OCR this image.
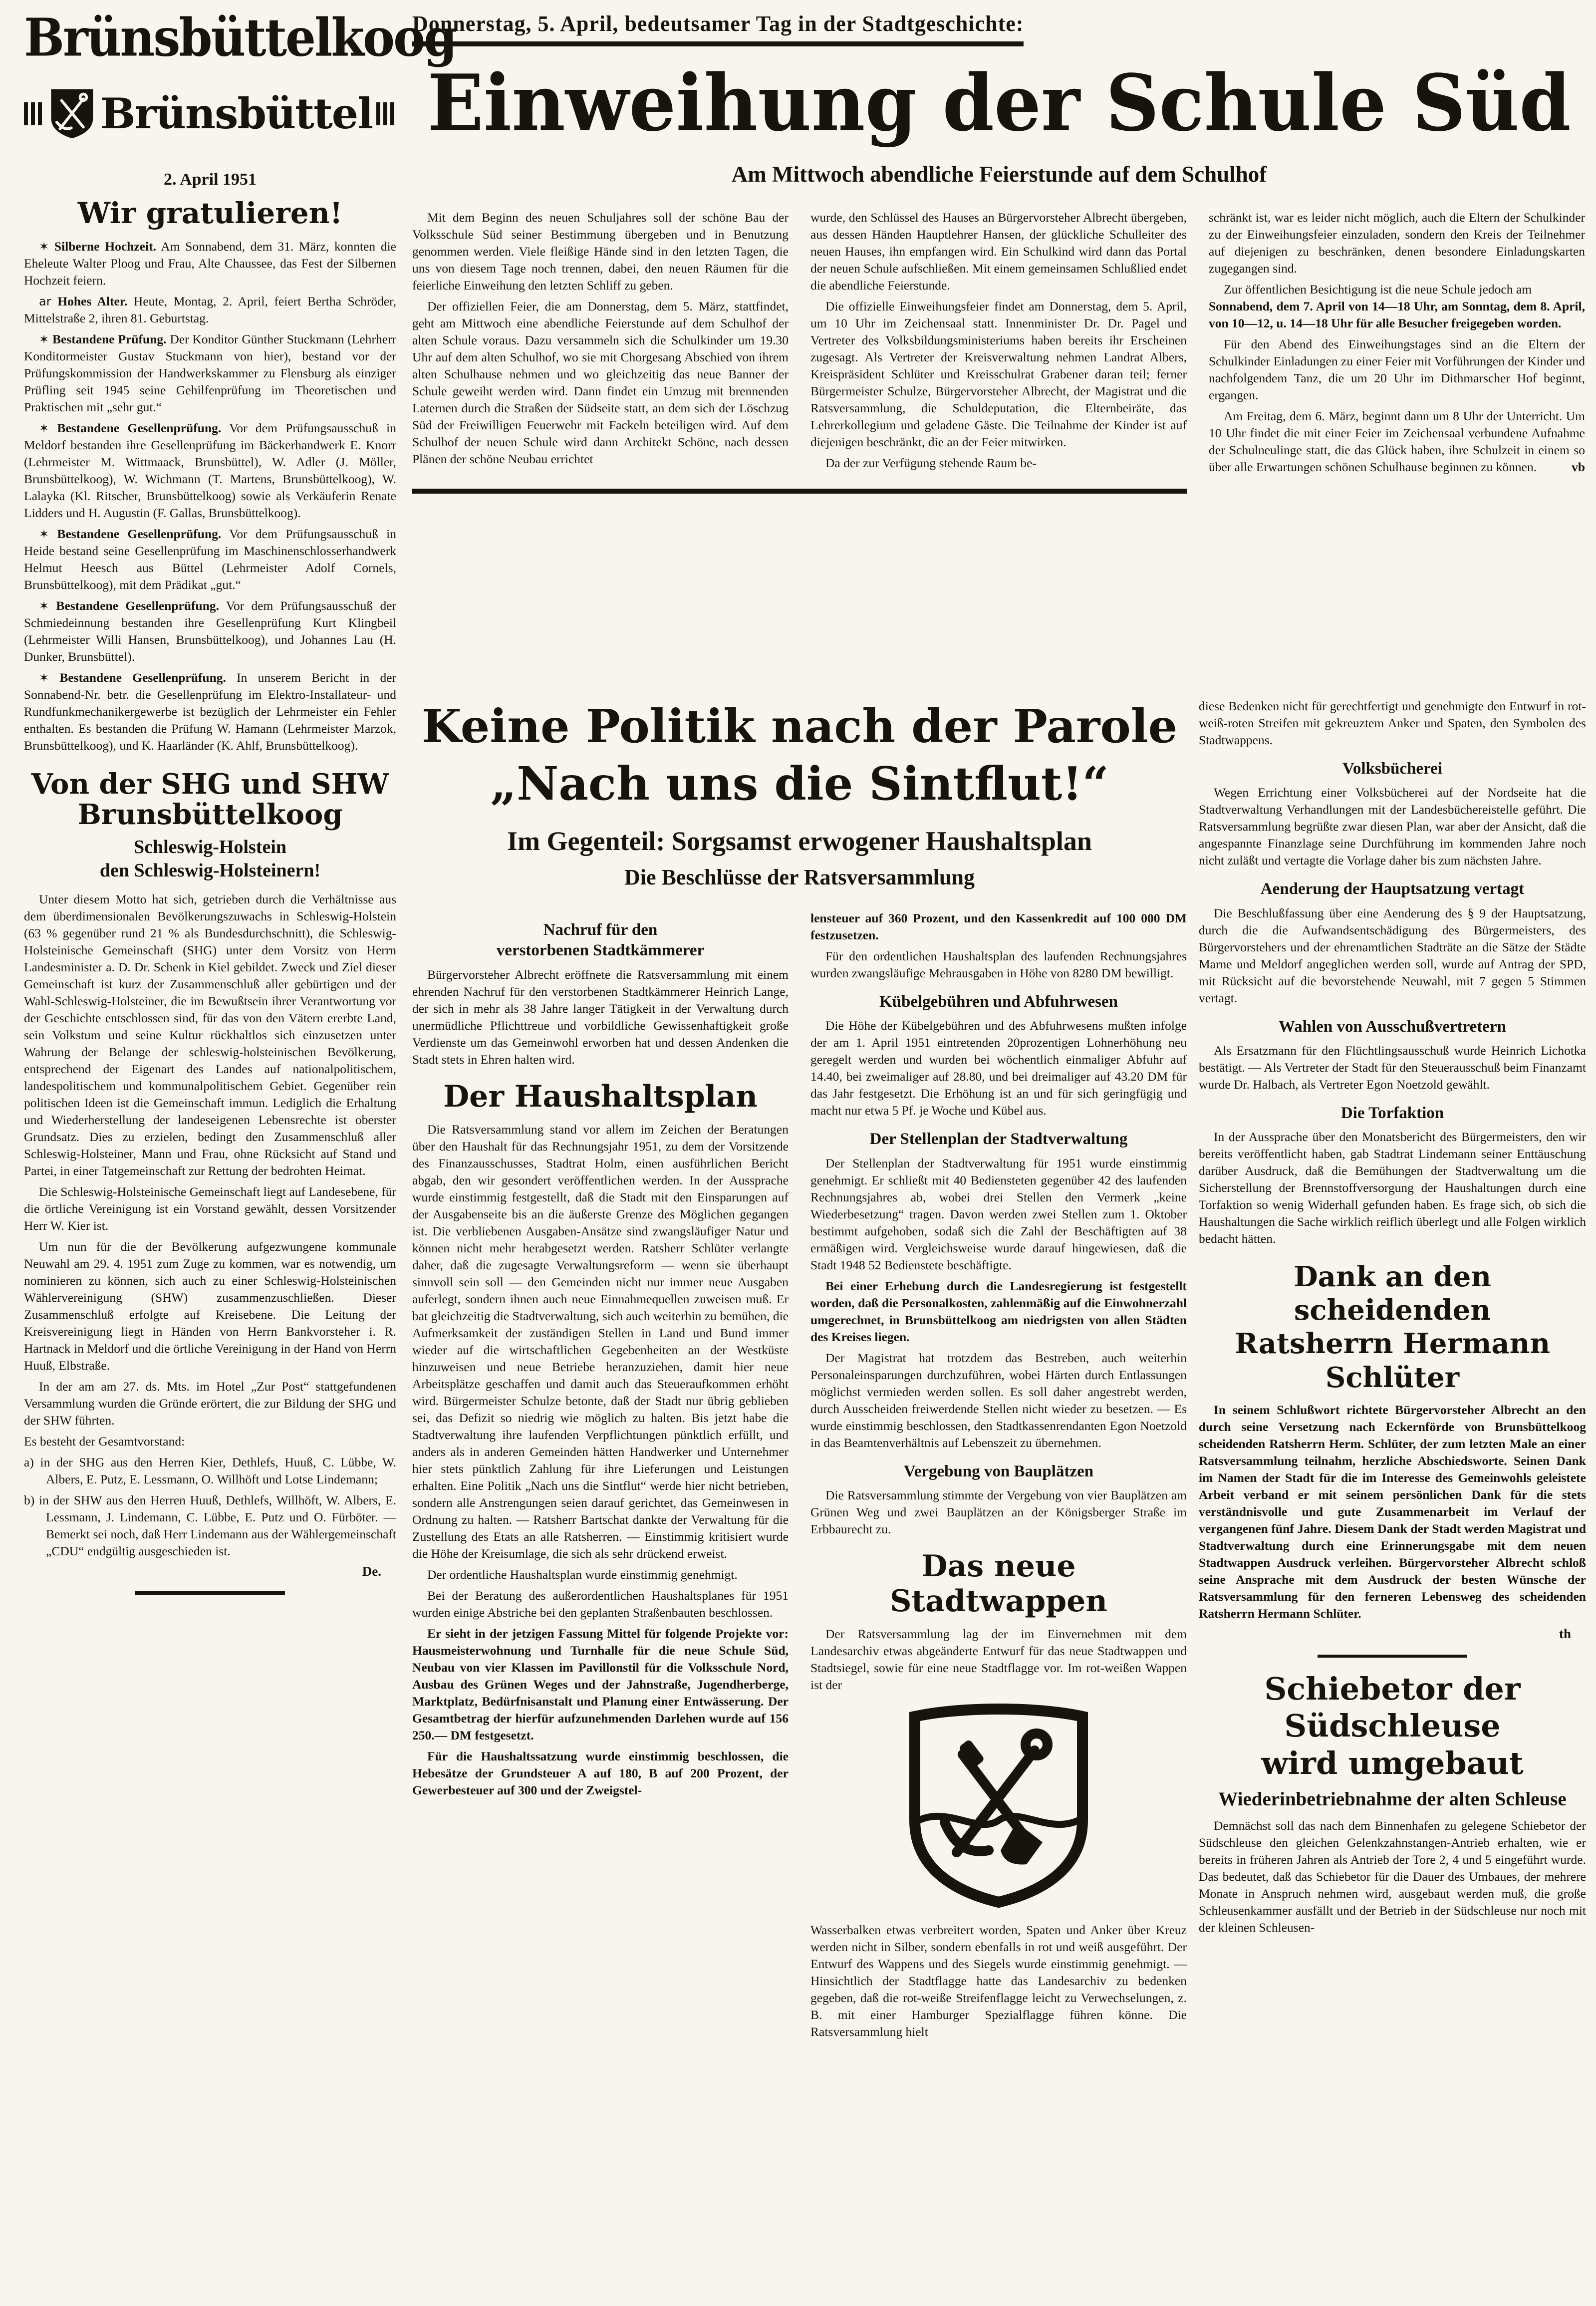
Brünsbüttelkoog
Brünsbüttel
2. April 1951
Wir gratulieren!

✶ Silberne Hochzeit. Am Sonnabend, dem 31. März, konnten die Eheleute Walter Ploog und Frau, Alte Chaussee, das Fest der Silbernen Hochzeit feiern.

ar Hohes Alter. Heute, Montag, 2. April, feiert Bertha Schröder, Mittelstraße 2, ihren 81. Geburtstag.

✶ Bestandene Prüfung. Der Konditor Günther Stuckmann (Lehrherr Konditormeister Gustav Stuckmann von hier), bestand vor der Prüfungskommission der Handwerkskammer zu Flensburg als einziger Prüfling seit 1945 seine Gehilfenprüfung im Theoretischen und Praktischen mit „sehr gut.“

✶ Bestandene Gesellenprüfung. Vor dem Prüfungsausschuß in Meldorf bestanden ihre Gesellenprüfung im Bäckerhandwerk E. Knorr (Lehrmeister M. Wittmaack, Brunsbüttel), W. Adler (J. Möller, Brunsbüttelkoog), W. Wichmann (T. Martens, Brunsbüttelkoog), W. Lalayka (Kl. Ritscher, Brunsbüttelkoog) sowie als Verkäuferin Renate Lidders und H. Augustin (F. Gallas, Brunsbüttelkoog).

✶ Bestandene Gesellenprüfung. Vor dem Prüfungsausschuß in Heide bestand seine Gesellenprüfung im Maschinenschlosserhandwerk Helmut Heesch aus Büttel (Lehrmeister Adolf Cornels, Brunsbüttelkoog), mit dem Prädikat „gut.“

✶ Bestandene Gesellenprüfung. Vor dem Prüfungsausschuß der Schmiedeinnung bestanden ihre Gesellenprüfung Kurt Klingbeil (Lehrmeister Willi Hansen, Brunsbüttelkoog), und Johannes Lau (H. Dunker, Brunsbüttel).

✶ Bestandene Gesellenprüfung. In unserem Bericht in der Sonnabend-Nr. betr. die Gesellenprüfung im Elektro-Installateur- und Rundfunkmechanikergewerbe ist bezüglich der Lehrmeister ein Fehler enthalten. Es bestanden die Prüfung W. Hamann (Lehrmeister Marzok, Brunsbüttelkoog), und K. Haarländer (K. Ahlf, Brunsbüttelkoog).

Von der SHG und SHW
Brunsbüttelkoog
Schleswig-Holstein
den Schleswig-Holsteinern!

Unter diesem Motto hat sich, getrieben durch die Verhältnisse aus dem überdimensionalen Bevölkerungszuwachs in Schleswig-Holstein (63 % gegenüber rund 21 % als Bundesdurchschnitt), die Schleswig-Holsteinische Gemeinschaft (SHG) unter dem Vorsitz von Herrn Landesminister a. D. Dr. Schenk in Kiel gebildet. Zweck und Ziel dieser Gemeinschaft ist kurz der Zusammenschluß aller gebürtigen und der Wahl-Schleswig-Holsteiner, die im Bewußtsein ihrer Verantwortung vor der Geschichte entschlossen sind, für das von den Vätern ererbte Land, sein Volkstum und seine Kultur rückhaltlos sich einzusetzen unter Wahrung der Belange der schleswig-holsteinischen Bevölkerung, entsprechend der Eigenart des Landes auf nationalpolitischem, landespolitischem und kommunalpolitischem Gebiet. Gegenüber rein politischen Ideen ist die Gemeinschaft immun. Lediglich die Erhaltung und Wiederherstellung der landeseigenen Lebensrechte ist oberster Grundsatz. Dies zu erzielen, bedingt den Zusammenschluß aller Schleswig-Holsteiner, Mann und Frau, ohne Rücksicht auf Stand und Partei, in einer Tatgemeinschaft zur Rettung der bedrohten Heimat.

Die Schleswig-Holsteinische Gemeinschaft liegt auf Landesebene, für die örtliche Vereinigung ist ein Vorstand gewählt, dessen Vorsitzender Herr W. Kier ist.

Um nun für die der Bevölkerung aufgezwungene kommunale Neuwahl am 29. 4. 1951 zum Zuge zu kommen, war es notwendig, um nominieren zu können, sich auch zu einer Schleswig-Holsteinischen Wählervereinigung (SHW) zusammenzuschließen. Dieser Zusammenschluß erfolgte auf Kreisebene. Die Leitung der Kreisvereinigung liegt in Händen von Herrn Bankvorsteher i. R. Hartnack in Meldorf und die örtliche Vereinigung in der Hand von Herrn Huuß, Elbstraße.

In der am am 27. ds. Mts. im Hotel „Zur Post“ stattgefundenen Versammlung wurden die Gründe erörtert, die zur Bildung der SHG und der SHW führten.

Es besteht der Gesamtvorstand:

a) in der SHG aus den Herren Kier, Dethlefs, Huuß, C. Lübbe, W. Albers, E. Putz, E. Lessmann, O. Willhöft und Lotse Lindemann;

b) in der SHW aus den Herren Huuß, Dethlefs, Willhöft, W. Albers, E. Lessmann, J. Lindemann, C. Lübbe, E. Putz und O. Fürböter. — Bemerkt sei noch, daß Herr Lindemann aus der Wählergemeinschaft „CDU“ endgültig ausgeschieden ist.

De.
Donnerstag, 5. April, bedeutsamer Tag in der Stadtgeschichte:
Einweihung der Schule Süd
Am Mittwoch abendliche Feierstunde auf dem Schulhof

Mit dem Beginn des neuen Schuljahres soll der schöne Bau der Volksschule Süd seiner Bestimmung übergeben und in Benutzung genommen werden. Viele fleißige Hände sind in den letzten Tagen, die uns von diesem Tage noch trennen, dabei, den neuen Räumen für die feierliche Einweihung den letzten Schliff zu geben.

Der offiziellen Feier, die am Donnerstag, dem 5. März, stattfindet, geht am Mittwoch eine abendliche Feierstunde auf dem Schulhof der alten Schule voraus. Dazu versammeln sich die Schulkinder um 19.30 Uhr auf dem alten Schulhof, wo sie mit Chorgesang Abschied von ihrem alten Schulhause nehmen und wo gleichzeitig das neue Banner der Schule geweiht werden wird. Dann findet ein Umzug mit brennenden Laternen durch die Straßen der Südseite statt, an dem sich der Löschzug Süd der Freiwilligen Feuerwehr mit Fackeln beteiligen wird. Auf dem Schulhof der neuen Schule wird dann Architekt Schöne, nach dessen Plänen der schöne Neubau errichtet

wurde, den Schlüssel des Hauses an Bürgervorsteher Albrecht übergeben, aus dessen Händen Hauptlehrer Hansen, der glückliche Schulleiter des neuen Hauses, ihn empfangen wird. Ein Schulkind wird dann das Portal der neuen Schule aufschließen. Mit einem gemeinsamen Schlußlied endet die abendliche Feierstunde.

Die offizielle Einweihungsfeier findet am Donnerstag, dem 5. April, um 10 Uhr im Zeichensaal statt. Innenminister Dr. Dr. Pagel und Vertreter des Volksbildungsministeriums haben bereits ihr Erscheinen zugesagt. Als Vertreter der Kreisverwaltung nehmen Landrat Albers, Kreispräsident Schlüter und Kreisschulrat Grabener daran teil; ferner Bürgermeister Schulze, Bürgervorsteher Albrecht, der Magistrat und die Ratsversammlung, die Schuldeputation, die Elternbeiräte, das Lehrerkollegium und geladene Gäste. Die Teilnahme der Kinder ist auf diejenigen beschränkt, die an der Feier mitwirken.

Da der zur Verfügung stehende Raum be-

schränkt ist, war es leider nicht möglich, auch die Eltern der Schulkinder zu der Einweihungsfeier einzuladen, sondern den Kreis der Teilnehmer auf diejenigen zu beschränken, denen besondere Einladungskarten zugegangen sind.

Zur öffentlichen Besichtigung ist die neue Schule jedoch am
Sonnabend, dem 7. April von 14—18 Uhr, am Sonntag, dem 8. April, von 10—12, u. 14—18 Uhr für alle Besucher freigegeben worden.

Für den Abend des Einweihungstages sind an die Eltern der Schulkinder Einladungen zu einer Feier mit Vorführungen der Kinder und nachfolgendem Tanz, die um 20 Uhr im Dithmarscher Hof beginnt, ergangen.

Am Freitag, dem 6. März, beginnt dann um 8 Uhr der Unterricht. Um 10 Uhr findet die mit einer Feier im Zeichensaal verbundene Aufnahme der Schulneulinge statt, die das Glück haben, ihre Schulzeit in einem so über alle Erwartungen schönen Schulhause beginnen zu können.	vb

Keine Politik nach der Parole
„Nach uns die Sintflut!“
Im Gegenteil: Sorgsamst erwogener Haushaltsplan
Die Beschlüsse der Ratsversammlung
Nachruf für den
verstorbenen Stadtkämmerer

Bürgervorsteher Albrecht eröffnete die Ratsversammlung mit einem ehrenden Nachruf für den verstorbenen Stadtkämmerer Heinrich Lange, der sich in mehr als 38 Jahre langer Tätigkeit in der Verwaltung durch unermüdliche Pflichttreue und vorbildliche Gewissenhaftigkeit große Verdienste um das Gemeinwohl erworben hat und dessen Andenken die Stadt stets in Ehren halten wird.

Der Haushaltsplan

Die Ratsversammlung stand vor allem im Zeichen der Beratungen über den Haushalt für das Rechnungsjahr 1951, zu dem der Vorsitzende des Finanzausschusses, Stadtrat Holm, einen ausführlichen Bericht abgab, den wir gesondert veröffentlichen werden. In der Aussprache wurde einstimmig festgestellt, daß die Stadt mit den Einsparungen auf der Ausgabenseite bis an die äußerste Grenze des Möglichen gegangen ist. Die verbliebenen Ausgaben-Ansätze sind zwangsläufiger Natur und können nicht mehr herabgesetzt werden. Ratsherr Schlüter verlangte daher, daß die zugesagte Verwaltungsreform — wenn sie überhaupt sinnvoll sein soll — den Gemeinden nicht nur immer neue Ausgaben auferlegt, sondern ihnen auch neue Einnahmequellen zuweisen muß. Er bat gleichzeitig die Stadtverwaltung, sich auch weiterhin zu bemühen, die Aufmerksamkeit der zuständigen Stellen in Land und Bund immer wieder auf die wirtschaftlichen Gegebenheiten an der Westküste hinzuweisen und neue Betriebe heranzuziehen, damit hier neue Arbeitsplätze geschaffen und damit auch das Steueraufkommen erhöht wird. Bürgermeister Schulze betonte, daß der Stadt nur übrig geblieben sei, das Defizit so niedrig wie möglich zu halten. Bis jetzt habe die Stadtverwaltung ihre laufenden Verpflichtungen pünktlich erfüllt, und anders als in anderen Gemeinden hätten Handwerker und Unternehmer hier stets pünktlich Zahlung für ihre Lieferungen und Leistungen erhalten. Eine Politik „Nach uns die Sintflut“ werde hier nicht betrieben, sondern alle Anstrengungen seien darauf gerichtet, das Gemeinwesen in Ordnung zu halten. — Ratsherr Bartschat dankte der Verwaltung für die Zustellung des Etats an alle Ratsherren. — Einstimmig kritisiert wurde die Höhe der Kreisumlage, die sich als sehr drückend erweist.

Der ordentliche Haushaltsplan wurde einstimmig genehmigt.

Bei der Beratung des außerordentlichen Haushaltsplanes für 1951 wurden einige Abstriche bei den geplanten Straßenbauten beschlossen.

Er sieht in der jetzigen Fassung Mittel für folgende Projekte vor: Hausmeisterwohnung und Turnhalle für die neue Schule Süd, Neubau von vier Klassen im Pavillonstil für die Volksschule Nord, Ausbau des Grünen Weges und der Jahnstraße, Jugendherberge, Marktplatz, Bedürfnisanstalt und Planung einer Entwässerung. Der Gesamtbetrag der hierfür aufzunehmenden Darlehen wurde auf 156 250.— DM festgesetzt.

Für die Haushaltssatzung wurde einstimmig beschlossen, die Hebesätze der Grundsteuer A auf 180, B auf 200 Prozent, der Gewerbesteuer auf 300 und der Zweigstel-

lensteuer auf 360 Prozent, und den Kassenkredit auf 100 000 DM festzusetzen.

Für den ordentlichen Haushaltsplan des laufenden Rechnungsjahres wurden zwangsläufige Mehrausgaben in Höhe von 8280 DM bewilligt.

Kübelgebühren und Abfuhrwesen

Die Höhe der Kübelgebühren und des Abfuhrwesens mußten infolge der am 1. April 1951 eintretenden 20prozentigen Lohnerhöhung neu geregelt werden und wurden bei wöchentlich einmaliger Abfuhr auf 14.40, bei zweimaliger auf 28.80, und bei dreimaliger auf 43.20 DM für das Jahr festgesetzt. Die Erhöhung ist an und für sich geringfügig und macht nur etwa 5 Pf. je Woche und Kübel aus.

Der Stellenplan der Stadtverwaltung

Der Stellenplan der Stadtverwaltung für 1951 wurde einstimmig genehmigt. Er schließt mit 40 Bediensteten gegenüber 42 des laufenden Rechnungsjahres ab, wobei drei Stellen den Vermerk „keine Wiederbesetzung“ tragen. Davon werden zwei Stellen zum 1. Oktober bestimmt aufgehoben, sodaß sich die Zahl der Beschäftigten auf 38 ermäßigen wird. Vergleichsweise wurde darauf hingewiesen, daß die Stadt 1948 52 Bedienstete beschäftigte.

Bei einer Erhebung durch die Landesregierung ist festgestellt worden, daß die Personalkosten, zahlenmäßig auf die Einwohnerzahl umgerechnet, in Brunsbüttelkoog am niedrigsten von allen Städten des Kreises liegen.

Der Magistrat hat trotzdem das Bestreben, auch weiterhin Personaleinsparungen durchzuführen, wobei Härten durch Entlassungen möglichst vermieden werden sollen. Es soll daher angestrebt werden, durch Ausscheiden freiwerdende Stellen nicht wieder zu besetzen. — Es wurde einstimmig beschlossen, den Stadtkassenrendanten Egon Noetzold in das Beamtenverhältnis auf Lebenszeit zu übernehmen.

Vergebung von Bauplätzen

Die Ratsversammlung stimmte der Vergebung von vier Bauplätzen am Grünen Weg und zwei Bauplätzen an der Königsberger Straße im Erbbaurecht zu.

Das neue Stadtwappen

Der Ratsversammlung lag der im Einvernehmen mit dem Landesarchiv etwas abgeänderte Entwurf für das neue Stadtwappen und Stadtsiegel, sowie für eine neue Stadtflagge vor. Im rot-weißen Wappen ist der

Wasserbalken etwas verbreitert worden, Spaten und Anker über Kreuz werden nicht in Silber, sondern ebenfalls in rot und weiß ausgeführt. Der Entwurf des Wappens und des Siegels wurde einstimmig genehmigt. — Hinsichtlich der Stadtflagge hatte das Landesarchiv zu bedenken gegeben, daß die rot-weiße Streifenflagge leicht zu Verwechselungen, z. B. mit einer Hamburger Spezialflagge führen könne. Die Ratsversammlung hielt

diese Bedenken nicht für gerechtfertigt und genehmigte den Entwurf in rot-weiß-roten Streifen mit gekreuztem Anker und Spaten, den Symbolen des Stadtwappens.

Volksbücherei

Wegen Errichtung einer Volksbücherei auf der Nordseite hat die Stadtverwaltung Verhandlungen mit der Landesbüchereistelle geführt. Die Ratsversammlung begrüßte zwar diesen Plan, war aber der Ansicht, daß die angespannte Finanzlage seine Durchführung im kommenden Jahre noch nicht zuläßt und vertagte die Vorlage daher bis zum nächsten Jahre.

Aenderung der Hauptsatzung vertagt

Die Beschlußfassung über eine Aenderung des § 9 der Hauptsatzung, durch die die Aufwandsentschädigung des Bürgermeisters, des Bürgervorstehers und der ehrenamtlichen Stadträte an die Sätze der Städte Marne und Meldorf angeglichen werden soll, wurde auf Antrag der SPD, mit Rücksicht auf die bevorstehende Neuwahl, mit 7 gegen 5 Stimmen vertagt.

Wahlen von Ausschußvertretern

Als Ersatzmann für den Flüchtlingsausschuß wurde Heinrich Lichotka bestätigt. — Als Vertreter der Stadt für den Steuerausschuß beim Finanzamt wurde Dr. Halbach, als Vertreter Egon Noetzold gewählt.

Die Torfaktion

In der Aussprache über den Monatsbericht des Bürgermeisters, den wir bereits veröffentlicht haben, gab Stadtrat Lindemann seiner Enttäuschung darüber Ausdruck, daß die Bemühungen der Stadtverwaltung um die Sicherstellung der Brennstoffversorgung der Haushaltungen durch eine Torfaktion so wenig Widerhall gefunden haben. Es frage sich, ob sich die Haushaltungen die Sache wirklich reiflich überlegt und alle Folgen wirklich bedacht hätten.

Dank an den scheidenden
Ratsherrn Hermann Schlüter

In seinem Schlußwort richtete Bürgervorsteher Albrecht an den durch seine Versetzung nach Eckernförde von Brunsbüttelkoog scheidenden Ratsherrn Herm. Schlüter, der zum letzten Male an einer Ratsversammlung teilnahm, herzliche Abschiedsworte. Seinen Dank im Namen der Stadt für die im Interesse des Gemeinwohls geleistete Arbeit verband er mit seinem persönlichen Dank für die stets verständnisvolle und gute Zusammenarbeit im Verlauf der vergangenen fünf Jahre. Diesem Dank der Stadt werden Magistrat und Stadtverwaltung durch eine Erinnerungsgabe mit dem neuen Stadtwappen Ausdruck verleihen. Bürgervorsteher Albrecht schloß seine Ansprache mit dem Ausdruck der besten Wünsche der Ratsversammlung für den ferneren Lebensweg des scheidenden Ratsherrn Hermann Schlüter.

th
Schiebetor der Südschleuse
wird umgebaut
Wiederinbetriebnahme der alten Schleuse

Demnächst soll das nach dem Binnenhafen zu gelegene Schiebetor der Südschleuse den gleichen Gelenkzahnstangen-Antrieb erhalten, wie er bereits in früheren Jahren als Antrieb der Tore 2, 4 und 5 eingeführt wurde. Das bedeutet, daß das Schiebetor für die Dauer des Umbaues, der mehrere Monate in Anspruch nehmen wird, ausgebaut werden muß, die große Schleusenkammer ausfällt und der Betrieb in der Südschleuse nur noch mit der kleinen Schleusen-
